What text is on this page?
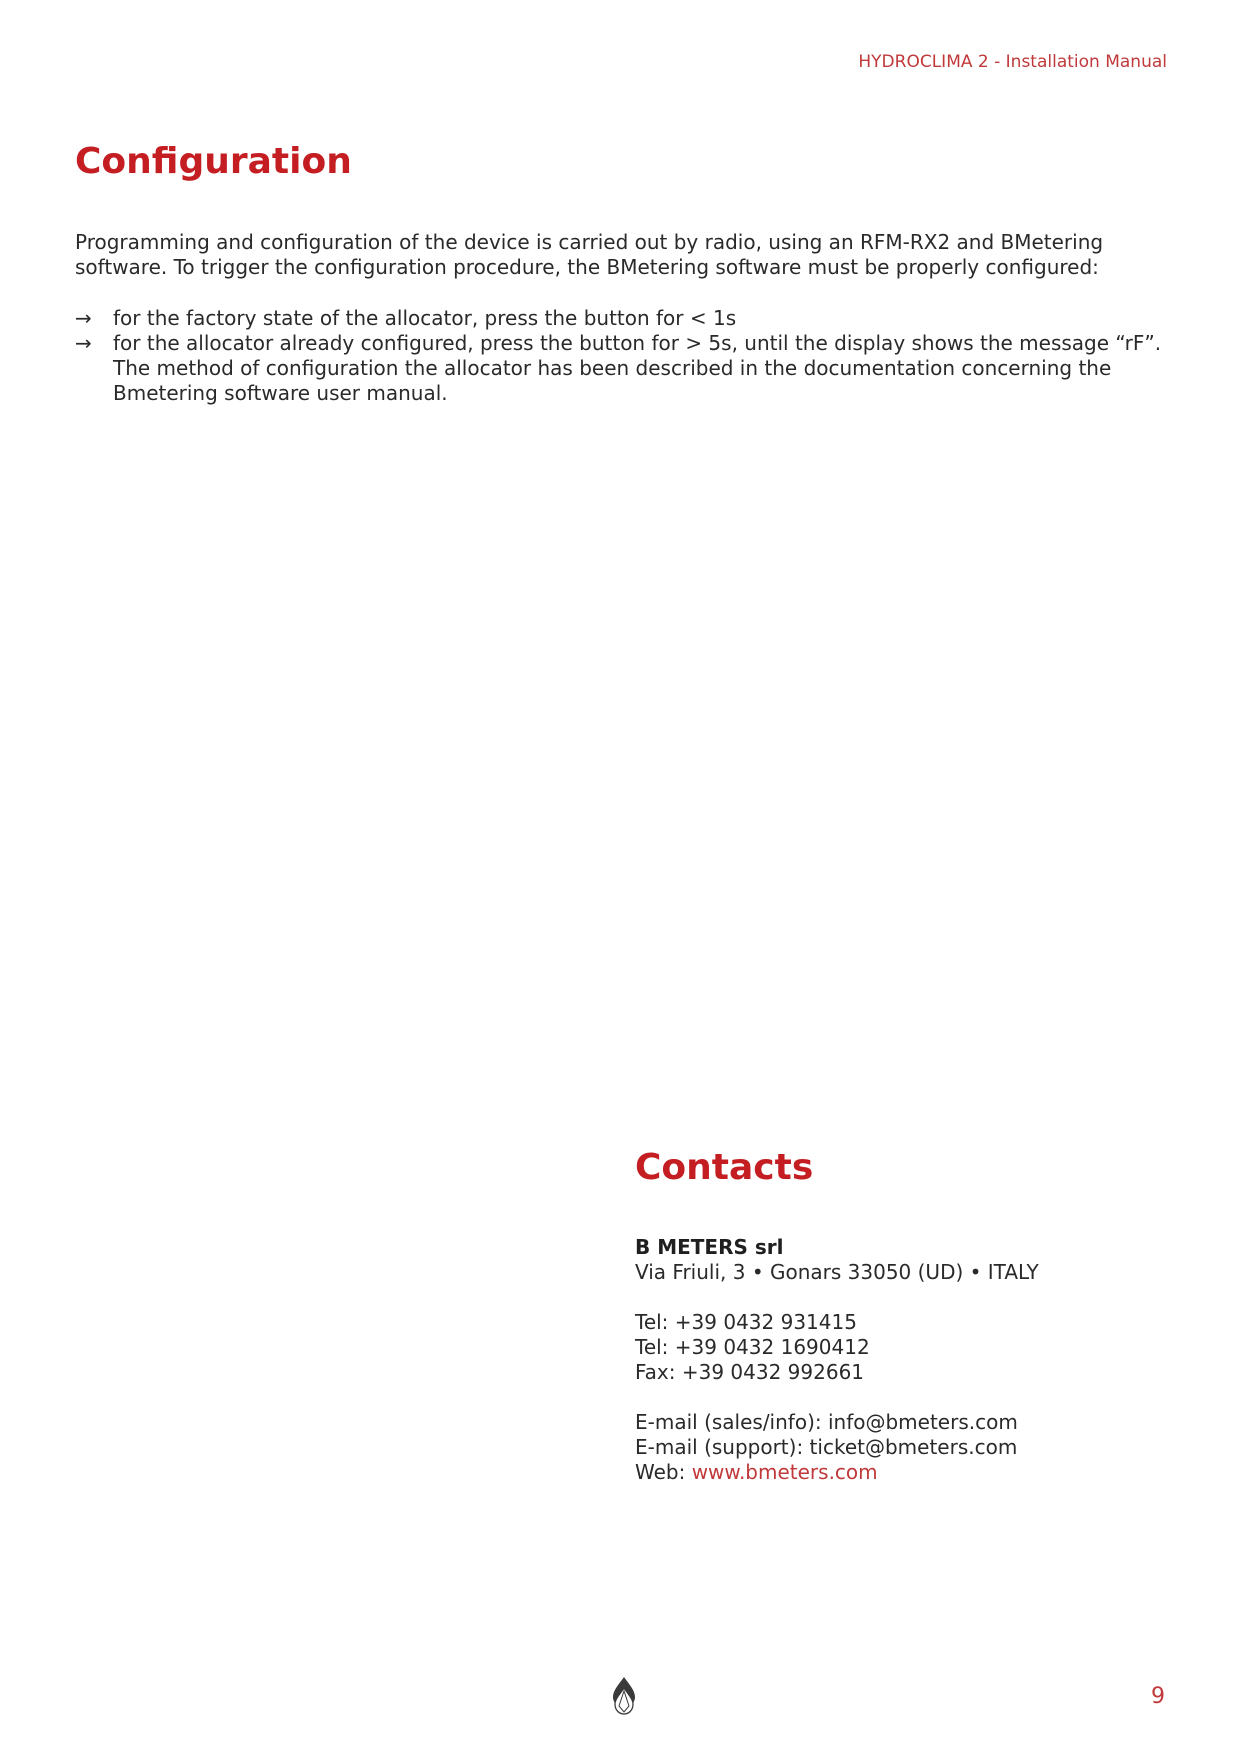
HYDROCLIMA 2 - Installation Manual
Configuration

Programming and configuration of the device is carried out by radio, using an RFM-RX2 and BMetering software. To trigger the configuration procedure, the BMetering software must be properly configured:

→	for the factory state of the allocator, press the button for < 1s
→	for the allocator already configured, press the button for > 5s, until the display shows the message “rF”. The method of configuration the allocator has been described in the documentation concerning the Bmetering software user manual.
Contacts
B METERS srl
Via Friuli, 3 • Gonars 33050 (UD) • ITALY
Tel: +39 0432 931415
Tel: +39 0432 1690412
Fax: +39 0432 992661
E-mail (sales/info): info@bmeters.com
E-mail (support): ticket@bmeters.com
Web: www.bmeters.com
9
